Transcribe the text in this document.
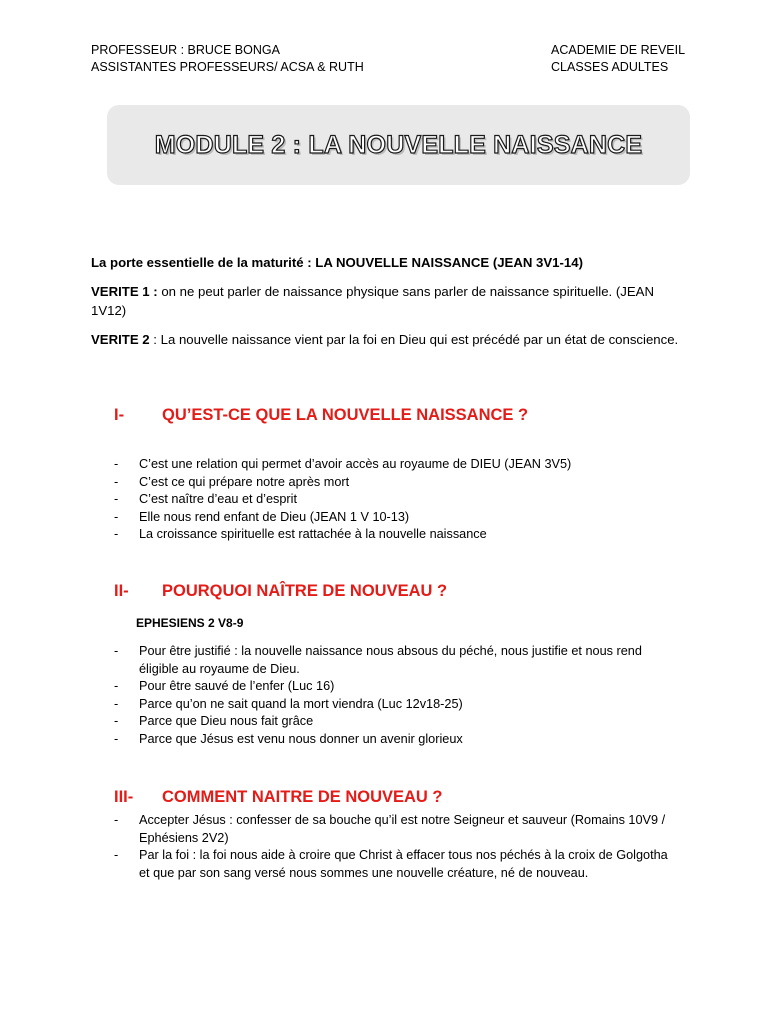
PROFESSEUR : BRUCE BONGA
ASSISTANTES PROFESSEURS/ ACSA & RUTH
ACADEMIE DE REVEIL
CLASSES ADULTES
MODULE 2 : LA NOUVELLE NAISSANCE

La porte essentielle de la maturité : LA NOUVELLE NAISSANCE (JEAN 3V1-14)

VERITE 1 : on ne peut parler de naissance physique sans parler de naissance spirituelle. (JEAN 1V12)

VERITE 2 : La nouvelle naissance vient par la foi en Dieu qui est précédé par un état de conscience.

I- QU’EST-CE QUE LA NOUVELLE NAISSANCE ?
- C’est une relation qui permet d’avoir accès au royaume de DIEU (JEAN 3V5)
- C’est ce qui prépare notre après mort
- C’est naître d’eau et d’esprit
- Elle nous rend enfant de Dieu (JEAN 1 V 10-13)
- La croissance spirituelle est rattachée à la nouvelle naissance
II- POURQUOI NAÎTRE DE NOUVEAU ?
EPHESIENS 2 V8-9
- Pour être justifié : la nouvelle naissance nous absous du péché, nous justifie et nous rend éligible au royaume de Dieu.
- Pour être sauvé de l’enfer (Luc 16)
- Parce qu’on ne sait quand la mort viendra (Luc 12v18-25)
- Parce que Dieu nous fait grâce
- Parce que Jésus est venu nous donner un avenir glorieux
III- COMMENT NAITRE DE NOUVEAU ?
- Accepter Jésus : confesser de sa bouche qu’il est notre Seigneur et sauveur (Romains 10V9 / Ephésiens 2V2)
- Par la foi : la foi nous aide à croire que Christ à effacer tous nos péchés à la croix de Golgotha et que par son sang versé nous sommes une nouvelle créature, né de nouveau.
